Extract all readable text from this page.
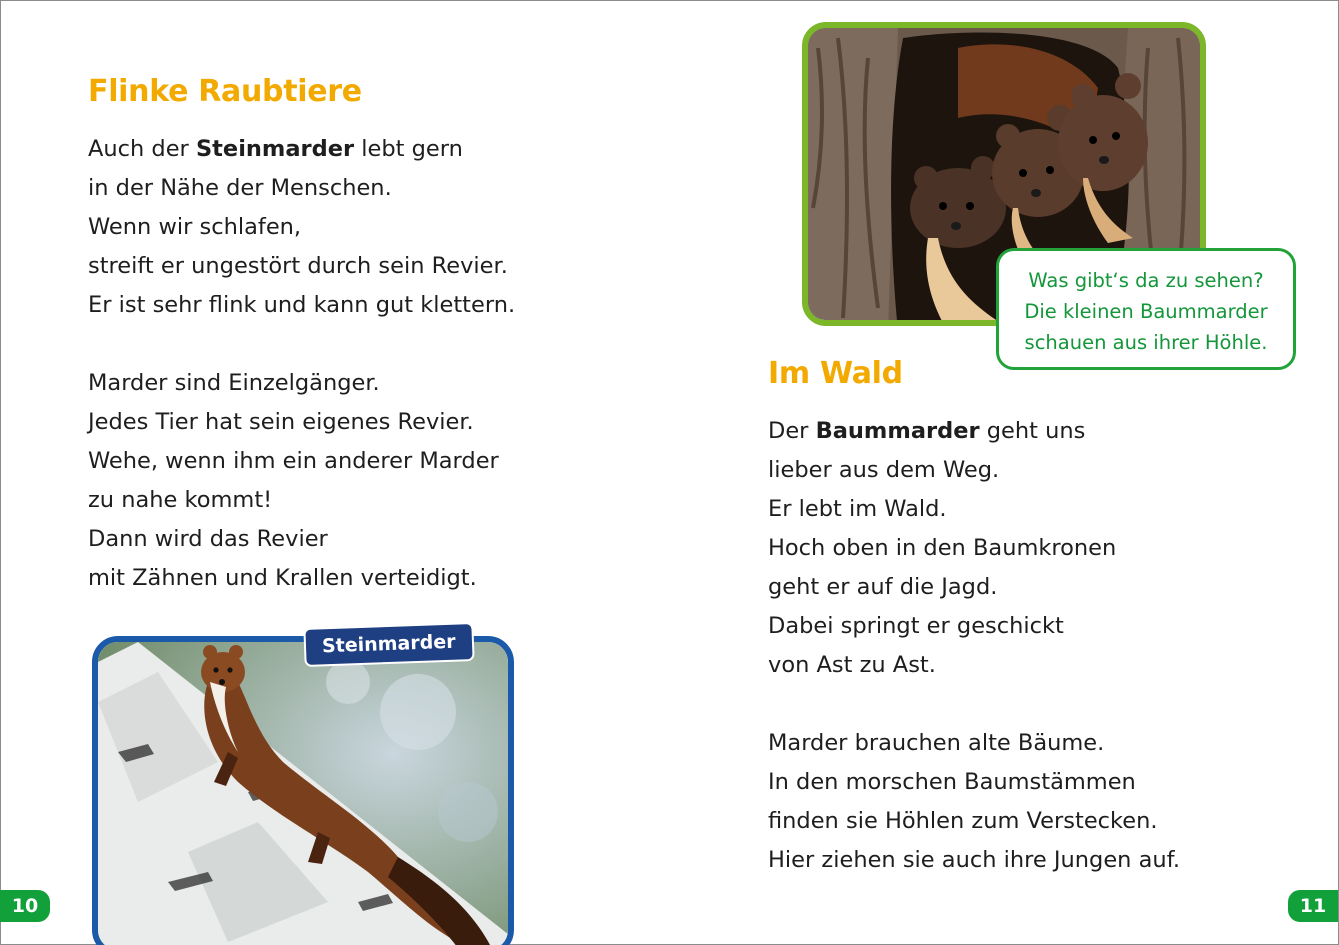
Flinke Raubtiere
Auch der Steinmarder lebt gern
in der Nähe der Menschen.
Wenn wir schlafen,
streift er ungestört durch sein Revier.
Er ist sehr flink und kann gut klettern.
Marder sind Einzelgänger.
Jedes Tier hat sein eigenes Revier.
Wehe, wenn ihm ein anderer Marder
zu nahe kommt!
Dann wird das Revier
mit Zähnen und Krallen verteidigt.
Steinmarder
10
Was gibt‘s da zu sehen?
Die kleinen Baummarder
schauen aus ihrer Höhle.
Im Wald
Der Baummarder geht uns
lieber aus dem Weg.
Er lebt im Wald.
Hoch oben in den Baumkronen
geht er auf die Jagd.
Dabei springt er geschickt
von Ast zu Ast.
Marder brauchen alte Bäume.
In den morschen Baumstämmen
finden sie Höhlen zum Verstecken.
Hier ziehen sie auch ihre Jungen auf.
11
